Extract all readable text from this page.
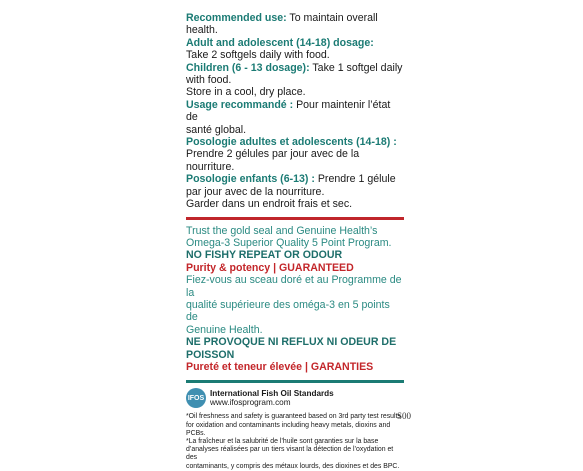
Recommended use: To maintain overall health.

Adult and adolescent (14-18) dosage:

Take 2 softgels daily with food.

Children (6 - 13 dosage): Take 1 softgel daily

with food.

Store in a cool, dry place.

Usage recommandé : Pour maintenir l’état de

santé global.

Posologie adultes et adolescents (14-18) :

Prendre 2 gélules par jour avec de la nourriture.

Posologie enfants (6-13) : Prendre 1 gélule

par jour avec de la nourriture.

Garder dans un endroit frais et sec.

Trust the gold seal and Genuine Health’s

Omega-3 Superior Quality 5 Point Program.

NO FISHY REPEAT OR ODOUR

Purity & potency | GUARANTEED

Fiez-vous au sceau doré et au Programme de la

qualité supérieure des oméga-3 en 5 points de

Genuine Health.

NE PROVOQUE NI REFLUX NI ODEUR DE

POISSON

Pureté et teneur élevée | GARANTIES

IFOS
International Fish Oil Standards
www.ifosprogram.com

*Oil freshness and safety is guaranteed based on 3rd party test results

for oxidation and contaminants including heavy metals, dioxins and

PCBs.

*La fraîcheur et la salubrité de l’huile sont garanties sur la base

d’analyses réalisées par un tiers visant la détection de l’oxydation et des

contaminants, y compris des métaux lourds, des dioxines et des BPC.

S00
